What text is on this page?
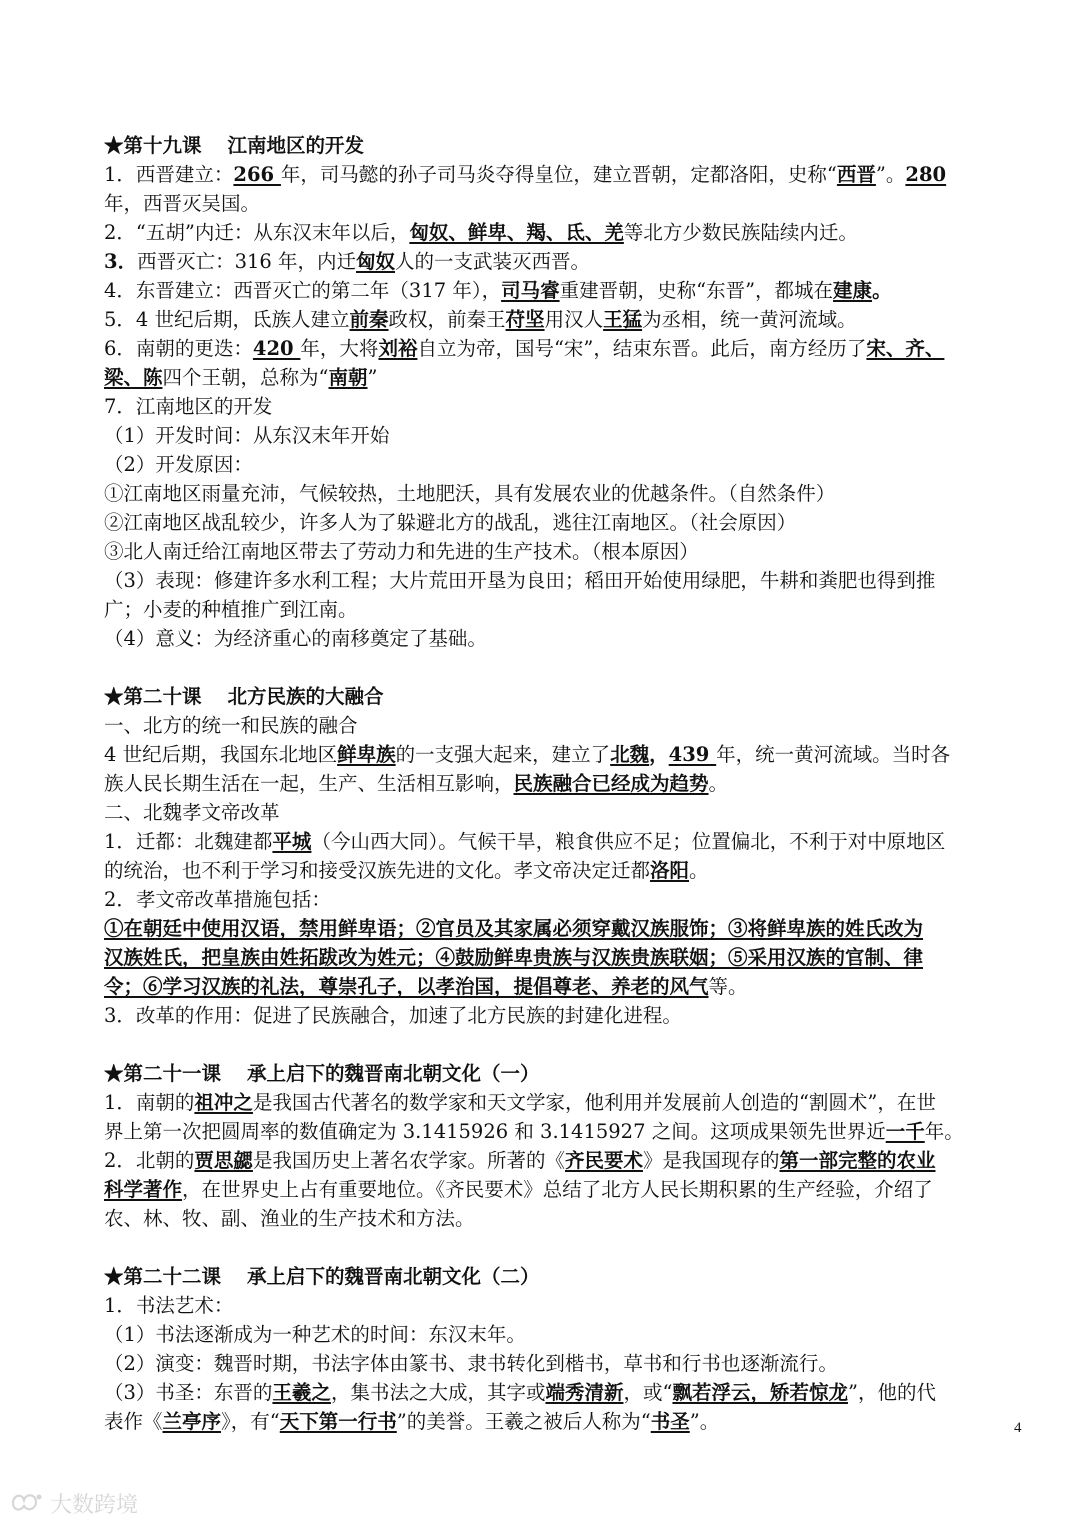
★第十九课 江南地区的开发
1．西晋建立：266 年，司马懿的孙子司马炎夺得皇位，建立晋朝，定都洛阳，史称“西晋”。280
年，西晋灭吴国。
2．“五胡”内迁：从东汉末年以后，匈奴、鲜卑、羯、氐、羌等北方少数民族陆续内迁。
3．西晋灭亡：316 年，内迁匈奴人的一支武装灭西晋。
4．东晋建立：西晋灭亡的第二年（317 年），司马睿重建晋朝，史称“东晋”，都城在建康。
5．4 世纪后期，氐族人建立前秦政权，前秦王苻坚用汉人王猛为丞相，统一黄河流域。
6．南朝的更迭：420 年，大将刘裕自立为帝，国号“宋”，结束东晋。此后，南方经历了宋、齐、
梁、陈四个王朝，总称为“南朝”
7．江南地区的开发
（1）开发时间：从东汉末年开始
（2）开发原因：
①江南地区雨量充沛，气候较热，土地肥沃，具有发展农业的优越条件。（自然条件）
②江南地区战乱较少，许多人为了躲避北方的战乱，逃往江南地区。（社会原因）
③北人南迁给江南地区带去了劳动力和先进的生产技术。（根本原因）
（3）表现：修建许多水利工程；大片荒田开垦为良田；稻田开始使用绿肥，牛耕和粪肥也得到推
广；小麦的种植推广到江南。
（4）意义：为经济重心的南移奠定了基础。
★第二十课 北方民族的大融合
一、北方的统一和民族的融合
4 世纪后期，我国东北地区鲜卑族的一支强大起来，建立了北魏，439 年，统一黄河流域。当时各
族人民长期生活在一起，生产、生活相互影响，民族融合已经成为趋势。
二、北魏孝文帝改革
1．迁都：北魏建都平城（今山西大同）。气候干旱，粮食供应不足；位置偏北，不利于对中原地区
的统治，也不利于学习和接受汉族先进的文化。孝文帝决定迁都洛阳。
2．孝文帝改革措施包括：
①在朝廷中使用汉语，禁用鲜卑语；②官员及其家属必须穿戴汉族服饰；③将鲜卑族的姓氏改为
汉族姓氏，把皇族由姓拓跋改为姓元；④鼓励鲜卑贵族与汉族贵族联姻；⑤采用汉族的官制、律
令；⑥学习汉族的礼法，尊崇孔子，以孝治国，提倡尊老、养老的风气等。
3．改革的作用：促进了民族融合，加速了北方民族的封建化进程。
★第二十一课 承上启下的魏晋南北朝文化（一）
1．南朝的祖冲之是我国古代著名的数学家和天文学家，他利用并发展前人创造的“割圆术”，在世
界上第一次把圆周率的数值确定为 3.1415926 和 3.1415927 之间。这项成果领先世界近一千年。
2．北朝的贾思勰是我国历史上著名农学家。所著的《齐民要术》是我国现存的第一部完整的农业
科学著作，在世界史上占有重要地位。《齐民要术》总结了北方人民长期积累的生产经验，介绍了
农、林、牧、副、渔业的生产技术和方法。
★第二十二课 承上启下的魏晋南北朝文化（二）
1．书法艺术：
（1）书法逐渐成为一种艺术的时间：东汉末年。
（2）演变：魏晋时期，书法字体由篆书、隶书转化到楷书，草书和行书也逐渐流行。
（3）书圣：东晋的王羲之，集书法之大成，其字或端秀清新，或“飘若浮云，矫若惊龙”，他的代
表作《兰亭序》，有“天下第一行书”的美誉。王羲之被后人称为“书圣”。	4
大数跨境
